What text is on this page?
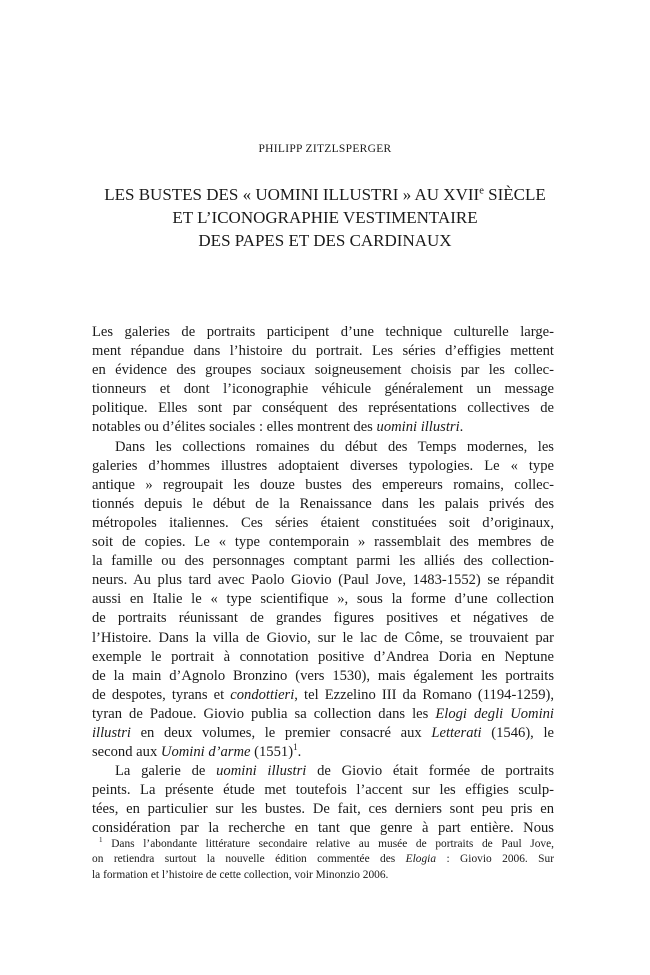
PHILIPP ZITZLSPERGER
LES BUSTES DES « UOMINI ILLUSTRI » AU XVIIe SIÈCLE
ET L’ICONOGRAPHIE VESTIMENTAIRE
DES PAPES ET DES CARDINAUX
Les galeries de portraits participent d’une technique culturelle large-
ment répandue dans l’histoire du portrait. Les séries d’effigies mettent
en évidence des groupes sociaux soigneusement choisis par les collec-
tionneurs et dont l’iconographie véhicule généralement un message
politique. Elles sont par conséquent des représentations collectives de
notables ou d’élites sociales : elles montrent des uomini illustri.
Dans les collections romaines du début des Temps modernes, les
galeries d’hommes illustres adoptaient diverses typologies. Le « type
antique » regroupait les douze bustes des empereurs romains, collec-
tionnés depuis le début de la Renaissance dans les palais privés des
métropoles italiennes. Ces séries étaient constituées soit d’originaux,
soit de copies. Le « type contemporain » rassemblait des membres de
la famille ou des personnages comptant parmi les alliés des collection-
neurs. Au plus tard avec Paolo Giovio (Paul Jove, 1483-1552) se répandit
aussi en Italie le « type scientifique », sous la forme d’une collection
de portraits réunissant de grandes figures positives et négatives de
l’Histoire. Dans la villa de Giovio, sur le lac de Côme, se trouvaient par
exemple le portrait à connotation positive d’Andrea Doria en Neptune
de la main d’Agnolo Bronzino (vers 1530), mais également les portraits
de despotes, tyrans et condottieri, tel Ezzelino III da Romano (1194-1259),
tyran de Padoue. Giovio publia sa collection dans les Elogi degli Uomini
illustri en deux volumes, le premier consacré aux Letterati (1546), le
second aux Uomini d’arme $(1551)^1$.
La galerie de uomini illustri de Giovio était formée de portraits
peints. La présente étude met toutefois l’accent sur les effigies sculp-
tées, en particulier sur les bustes. De fait, ces derniers sont peu pris en
considération par la recherche en tant que genre à part entière. Nous
$^1$ Dans l’abondante littérature secondaire relative au musée de portraits de Paul Jove,
on retiendra surtout la nouvelle édition commentée des Elogia : Giovio 2006. Sur
la formation et l’histoire de cette collection, voir Minonzio 2006.
